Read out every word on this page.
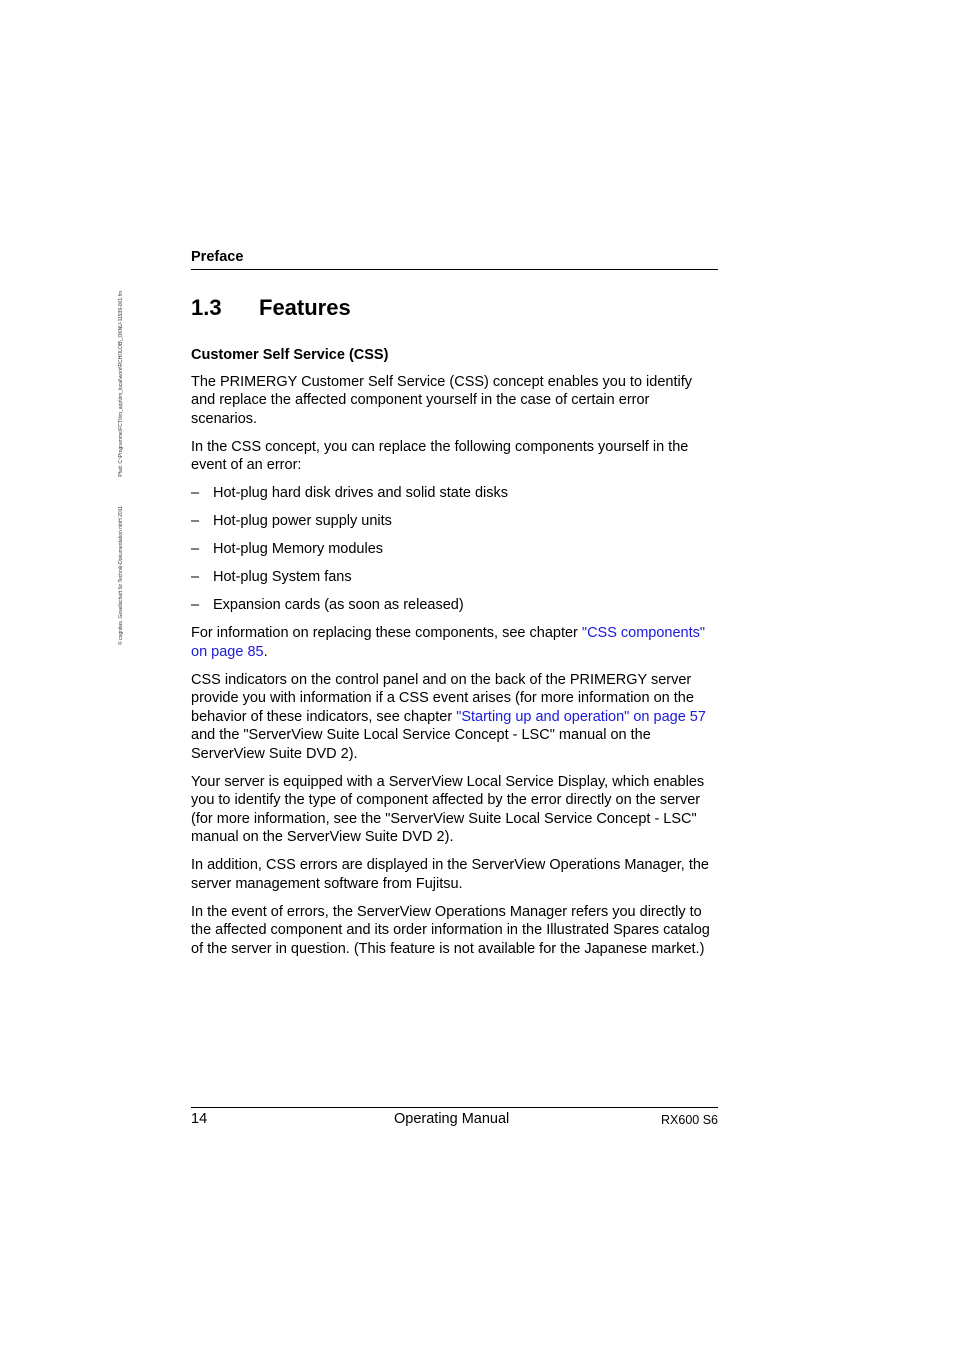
© cognitas. Gesellschaft für Technik-Dokumentation mbH 2011 Pfad: C:\Programme\FCT\tim_app\tim_local\work\RCHOLOB\_OKNU-11939-001.fm
Preface
1.3 Features
Customer Self Service (CSS)

The PRIMERGY Customer Self Service (CSS) concept enables you to identify and replace the affected component yourself in the case of certain error scenarios.

In the CSS concept, you can replace the following components yourself in the event of an error:

– Hot-plug hard disk drives and solid state disks
– Hot-plug power supply units
– Hot-plug Memory modules
– Hot-plug System fans
– Expansion cards (as soon as released)

For information on replacing these components, see chapter "CSS components" on page 85.

CSS indicators on the control panel and on the back of the PRIMERGY server provide you with information if a CSS event arises (for more information on the behavior of these indicators, see chapter "Starting up and operation" on page 57 and the "ServerView Suite Local Service Concept - LSC" manual on the ServerView Suite DVD 2).

Your server is equipped with a ServerView Local Service Display, which enables you to identify the type of component affected by the error directly on the server (for more information, see the "ServerView Suite Local Service Concept - LSC" manual on the ServerView Suite DVD 2).

In addition, CSS errors are displayed in the ServerView Operations Manager, the server management software from Fujitsu.

In the event of errors, the ServerView Operations Manager refers you directly to the affected component and its order information in the Illustrated Spares catalog of the server in question. (This feature is not available for the Japanese market.)

14	Operating Manual	RX600 S6
